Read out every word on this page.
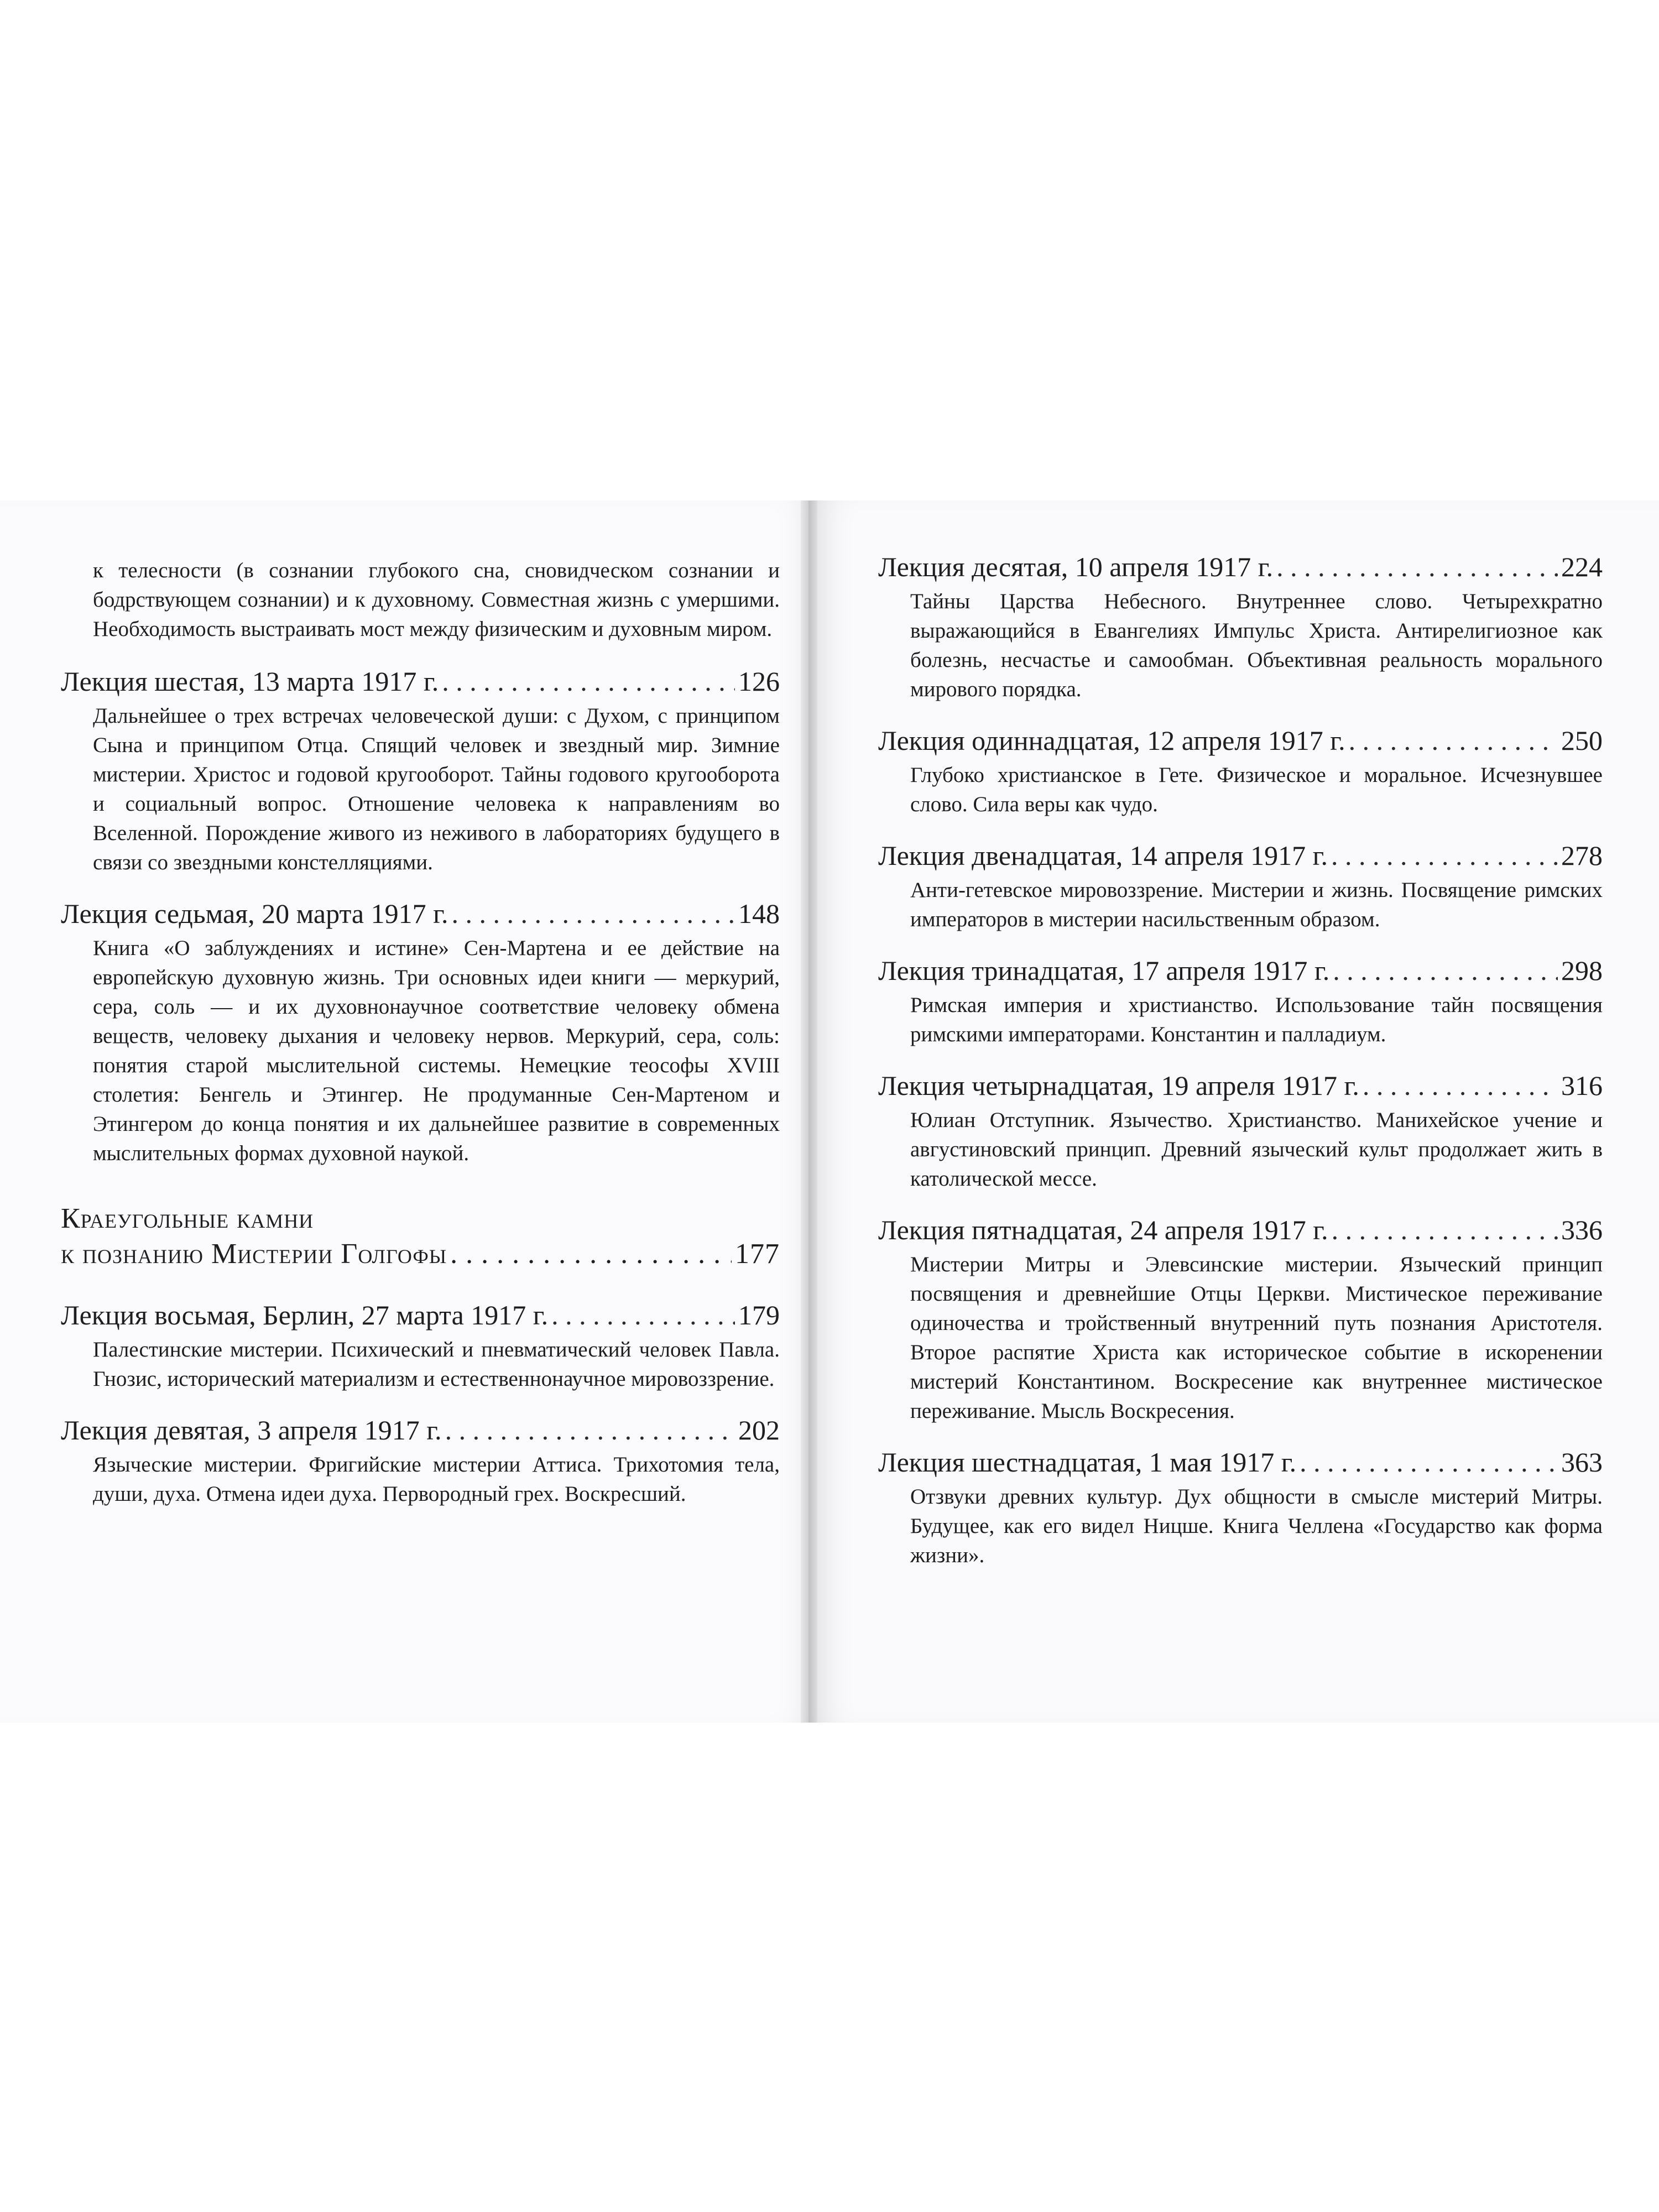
к телесности (в сознании глубокого сна, сновидческом сознании и бодрствующем сознании) и к духовному. Совместная жизнь с умершими. Необходимость выстраивать мост между физическим и духовным миром.
Лекция шестая, 13 марта 1917 г. . . .	126
Дальнейшее о трех встречах человеческой души: с Духом, с принципом Сына и принципом Отца. Спящий человек и звездный мир. Зимние мистерии. Христос и годовой кругооборот. Тайны годового кругооборота и социальный вопрос. Отношение человека к направлениям во Вселенной. Порождение живого из неживого в лабораториях будущего в связи со звездными констелляциями.
Лекция седьмая, 20 марта 1917 г. . . .	148
Книга «О заблуждениях и истине» Сен-Мартена и ее действие на европейскую духовную жизнь. Три основных идеи книги — меркурий, сера, соль — и их духовнонаучное соответствие человеку обмена веществ, человеку дыхания и человеку нервов. Меркурий, сера, соль: понятия старой мыслительной системы. Немецкие теософы XVIII столетия: Бенгель и Этингер. Не продуманные Сен-Мартеном и Этингером до конца понятия и их дальнейшее развитие в современных мыслительных формах духовной наукой.
Краеугольные камни
к познанию Мистерии Голгофы . . .	177
Лекция восьмая, Берлин, 27 марта 1917 г. . . .	179
Палестинские мистерии. Психический и пневматический человек Павла. Гнозис, исторический материализм и естественнонаучное мировоззрение.
Лекция девятая, 3 апреля 1917 г. . . .	202
Языческие мистерии. Фригийские мистерии Аттиса. Трихотомия тела, души, духа. Отмена идеи духа. Первородный грех. Воскресший.
Лекция десятая, 10 апреля 1917 г. . . .	224
Тайны Царства Небесного. Внутреннее слово. Четырехкратно выражающийся в Евангелиях Импульс Христа. Антирелигиозное как болезнь, несчастье и самообман. Объективная реальность морального мирового порядка.
Лекция одиннадцатая, 12 апреля 1917 г. . . .	250
Глубоко христианское в Гете. Физическое и моральное. Исчезнувшее слово. Сила веры как чудо.
Лекция двенадцатая, 14 апреля 1917 г. . . .	278
Анти-гетевское мировоззрение. Мистерии и жизнь. Посвящение римских императоров в мистерии насильственным образом.
Лекция тринадцатая, 17 апреля 1917 г. . . .	298
Римская империя и христианство. Использование тайн посвящения римскими императорами. Константин и палладиум.
Лекция четырнадцатая, 19 апреля 1917 г. . . .	316
Юлиан Отступник. Язычество. Христианство. Манихейское учение и августиновский принцип. Древний языческий культ продолжает жить в католической мессе.
Лекция пятнадцатая, 24 апреля 1917 г. . . .	336
Мистерии Митры и Элевсинские мистерии. Языческий принцип посвящения и древнейшие Отцы Церкви. Мистическое переживание одиночества и тройственный внутренний путь познания Аристотеля. Второе распятие Христа как историческое событие в искоренении мистерий Константином. Воскресение как внутреннее мистическое переживание. Мысль Воскресения.
Лекция шестнадцатая, 1 мая 1917 г. . . .	363
Отзвуки древних культур. Дух общности в смысле мистерий Митры. Будущее, как его видел Ницше. Книга Челлена «Государство как форма жизни».
